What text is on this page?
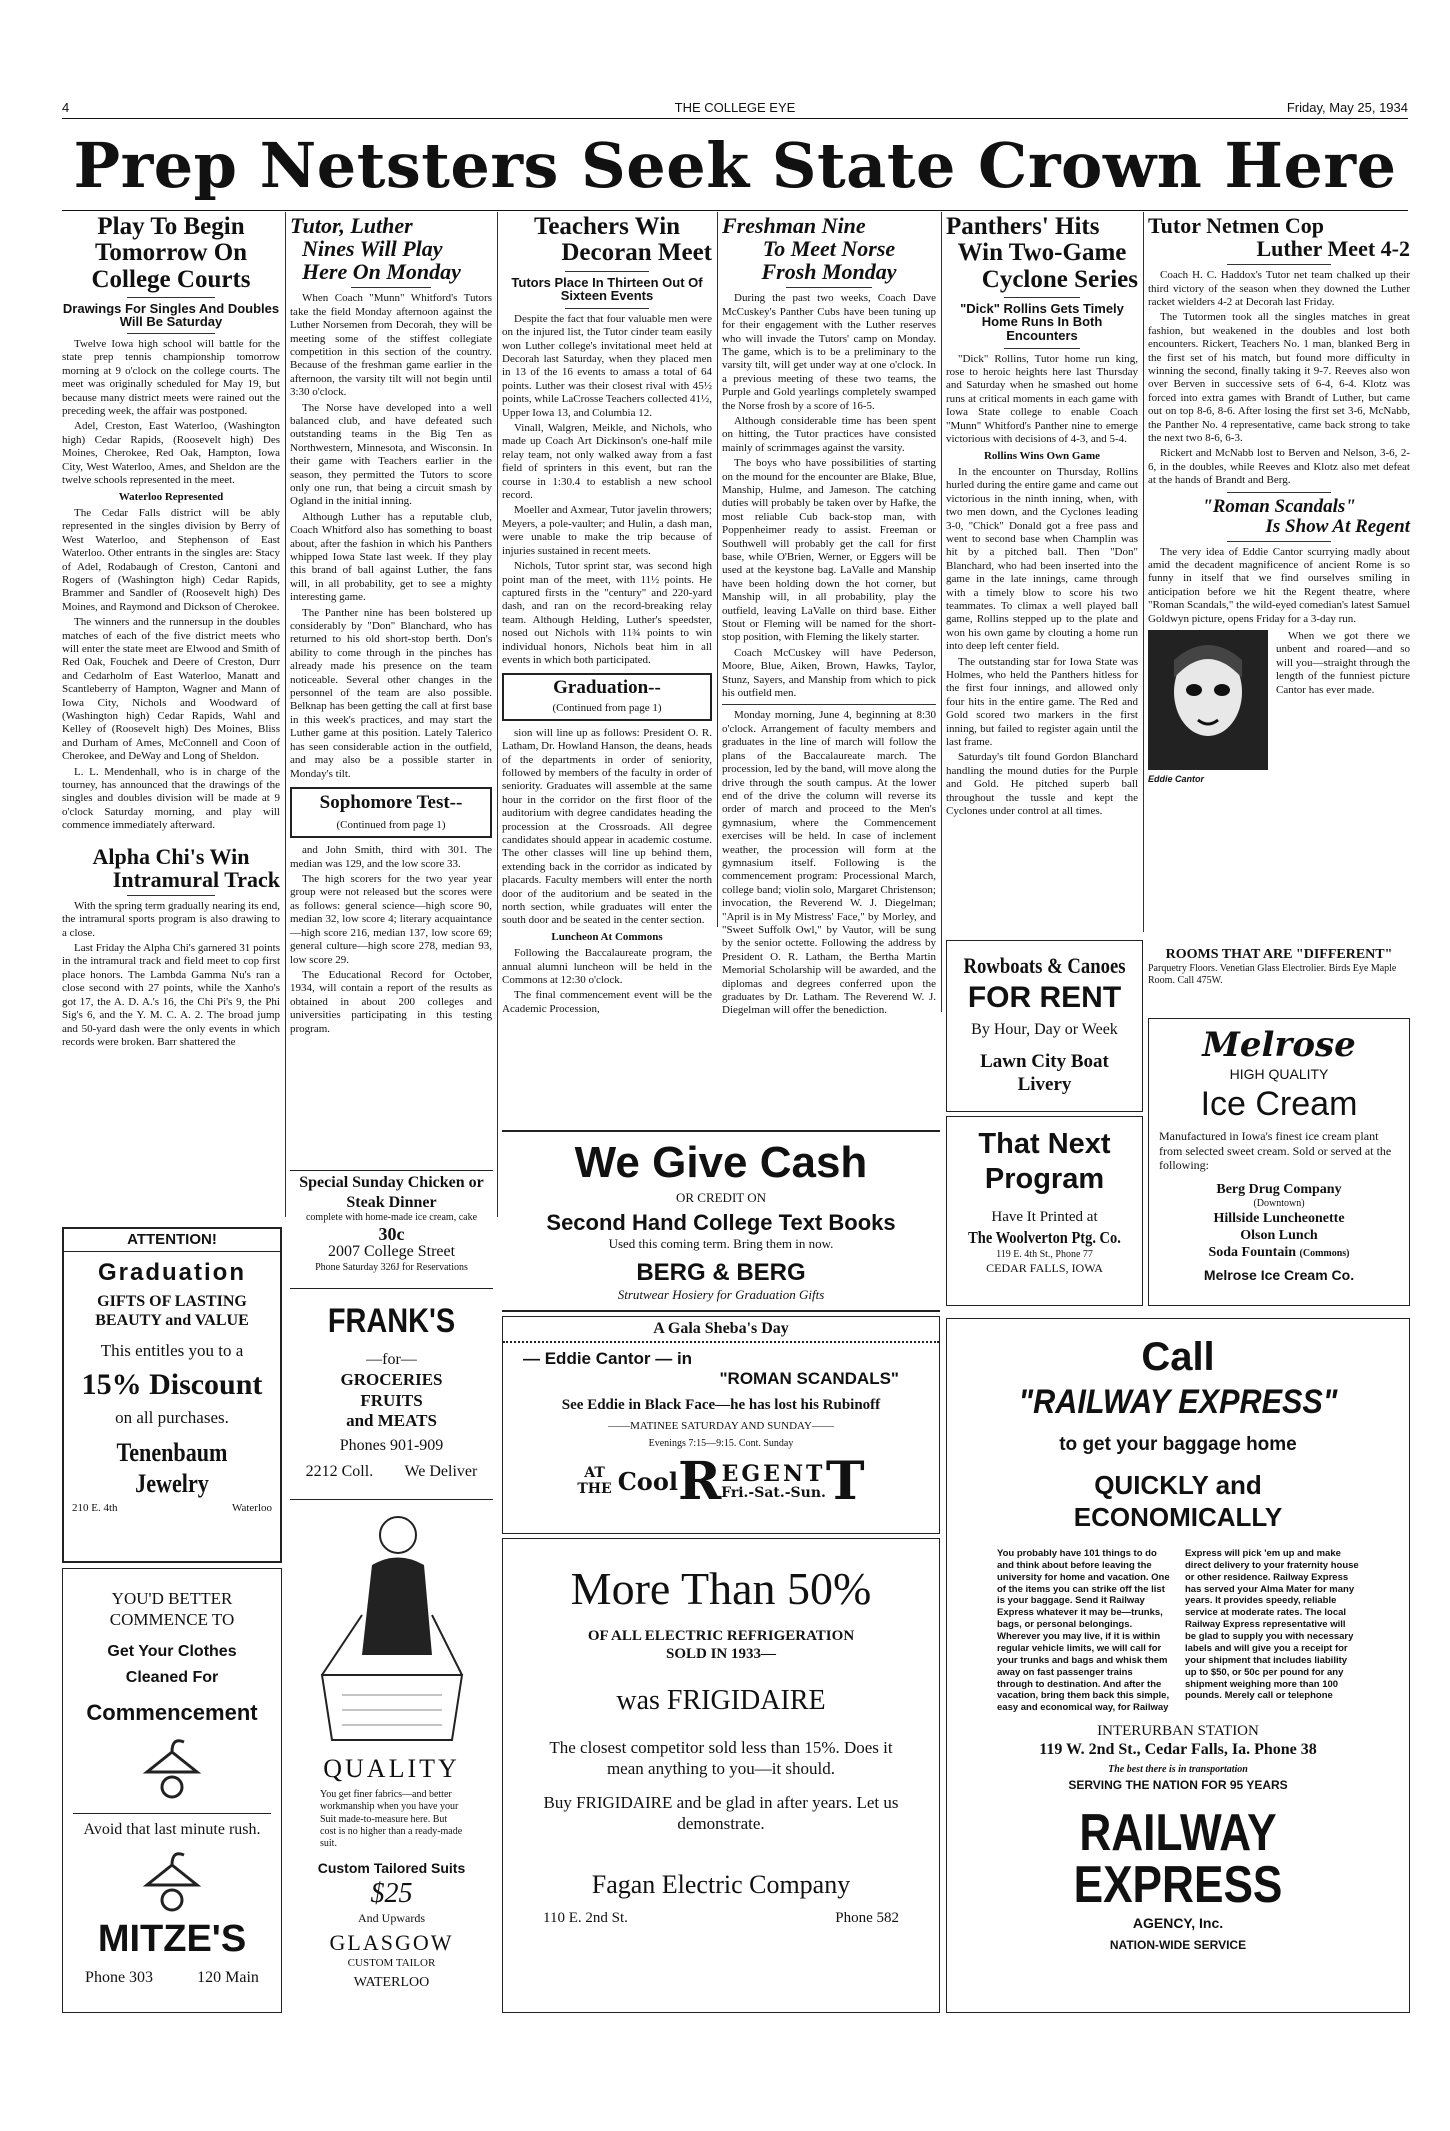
4	THE COLLEGE EYE	Friday, May 25, 1934
Prep Netsters Seek State Crown Here
Play To Begin
Tomorrow On
College Courts
Drawings For Singles And Doubles Will Be Saturday

Twelve Iowa high school will battle for the state prep tennis championship tomorrow morning at 9 o'clock on the college courts. The meet was originally scheduled for May 19, but because many district meets were rained out the preceding week, the affair was postponed.

Adel, Creston, East Waterloo, (Washington high) Cedar Rapids, (Roosevelt high) Des Moines, Cherokee, Red Oak, Hampton, Iowa City, West Waterloo, Ames, and Sheldon are the twelve schools represented in the meet.

Waterloo Represented

The Cedar Falls district will be ably represented in the singles division by Berry of West Waterloo, and Stephenson of East Waterloo. Other entrants in the singles are: Stacy of Adel, Rodabaugh of Creston, Cantoni and Rogers of (Washington high) Cedar Rapids, Brammer and Sandler of (Roosevelt high) Des Moines, and Raymond and Dickson of Cherokee.

The winners and the runnersup in the doubles matches of each of the five district meets who will enter the state meet are Elwood and Smith of Red Oak, Fouchek and Deere of Creston, Durr and Cedarholm of East Waterloo, Manatt and Scantleberry of Hampton, Wagner and Mann of Iowa City, Nichols and Woodward of (Washington high) Cedar Rapids, Wahl and Kelley of (Roosevelt high) Des Moines, Bliss and Durham of Ames, McConnell and Coon of Cherokee, and DeWay and Long of Sheldon.

L. L. Mendenhall, who is in charge of the tourney, has announced that the drawings of the singles and doubles division will be made at 9 o'clock Saturday morning, and play will commence immediately afterward.

Alpha Chi's Win
Intramural Track

With the spring term gradually nearing its end, the intramural sports program is also drawing to a close.

Last Friday the Alpha Chi's garnered 31 points in the intramural track and field meet to cop first place honors. The Lambda Gamma Nu's ran a close second with 27 points, while the Xanho's got 17, the A. D. A.'s 16, the Chi Pi's 9, the Phi Sig's 6, and the Y. M. C. A. 2. The broad jump and 50-yard dash were the only events in which records were broken. Barr shattered the

Tutor, Luther
Nines Will Play
Here On Monday

When Coach "Munn" Whitford's Tutors take the field Monday afternoon against the Luther Norsemen from Decorah, they will be meeting some of the stiffest collegiate competition in this section of the country. Because of the freshman game earlier in the afternoon, the varsity tilt will not begin until 3:30 o'clock.

The Norse have developed into a well balanced club, and have defeated such outstanding teams in the Big Ten as Northwestern, Minnesota, and Wisconsin. In their game with Teachers earlier in the season, they permitted the Tutors to score only one run, that being a circuit smash by Ogland in the initial inning.

Although Luther has a reputable club, Coach Whitford also has something to boast about, after the fashion in which his Panthers whipped Iowa State last week. If they play this brand of ball against Luther, the fans will, in all probability, get to see a mighty interesting game.

The Panther nine has been bolstered up considerably by "Don" Blanchard, who has returned to his old short-stop berth. Don's ability to come through in the pinches has already made his presence on the team noticeable. Several other changes in the personnel of the team are also possible. Belknap has been getting the call at first base in this week's practices, and may start the Luther game at this position. Lately Talerico has seen considerable action in the outfield, and may also be a possible starter in Monday's tilt.

Sophomore Test--
(Continued from page 1)

and John Smith, third with 301. The median was 129, and the low score 33.

The high scorers for the two year year group were not released but the scores were as follows: general science—high score 90, median 32, low score 4; literary acquaintance—high score 216, median 137, low score 69; general culture—high score 278, median 93, low score 29.

The Educational Record for October, 1934, will contain a report of the results as obtained in about 200 colleges and universities participating in this testing program.

Teachers Win
Decoran Meet
Tutors Place In Thirteen Out Of Sixteen Events

Despite the fact that four valuable men were on the injured list, the Tutor cinder team easily won Luther college's invitational meet held at Decorah last Saturday, when they placed men in 13 of the 16 events to amass a total of 64 points. Luther was their closest rival with 45½ points, while LaCrosse Teachers collected 41½, Upper Iowa 13, and Columbia 12.

Vinall, Walgren, Meikle, and Nichols, who made up Coach Art Dickinson's one-half mile relay team, not only walked away from a fast field of sprinters in this event, but ran the course in 1:30.4 to establish a new school record.

Moeller and Axmear, Tutor javelin throwers; Meyers, a pole-vaulter; and Hulin, a dash man, were unable to make the trip because of injuries sustained in recent meets.

Nichols, Tutor sprint star, was second high point man of the meet, with 11½ points. He captured firsts in the "century" and 220-yard dash, and ran on the record-breaking relay team. Although Helding, Luther's speedster, nosed out Nichols with 11¾ points to win individual honors, Nichols beat him in all events in which both participated.

Graduation--
(Continued from page 1)

sion will line up as follows: President O. R. Latham, Dr. Howland Hanson, the deans, heads of the departments in order of seniority, followed by members of the faculty in order of seniority. Graduates will assemble at the same hour in the corridor on the first floor of the auditorium with degree candidates heading the procession at the Crossroads. All degree candidates should appear in academic costume. The other classes will line up behind them, extending back in the corridor as indicated by placards. Faculty members will enter the north door of the auditorium and be seated in the north section, while graduates will enter the south door and be seated in the center section.

Luncheon At Commons

Following the Baccalaureate program, the annual alumni luncheon will be held in the Commons at 12:30 o'clock.

The final commencement event will be the Academic Procession,

Freshman Nine
To Meet Norse
Frosh Monday

During the past two weeks, Coach Dave McCuskey's Panther Cubs have been tuning up for their engagement with the Luther reserves who will invade the Tutors' camp on Monday. The game, which is to be a preliminary to the varsity tilt, will get under way at one o'clock. In a previous meeting of these two teams, the Purple and Gold yearlings completely swamped the Norse frosh by a score of 16-5.

Although considerable time has been spent on hitting, the Tutor practices have consisted mainly of scrimmages against the varsity.

The boys who have possibilities of starting on the mound for the encounter are Blake, Blue, Manship, Hulme, and Jameson. The catching duties will probably be taken over by Hafke, the most reliable Cub back-stop man, with Poppenheimer ready to assist. Freeman or Southwell will probably get the call for first base, while O'Brien, Werner, or Eggers will be used at the keystone bag. LaValle and Manship have been holding down the hot corner, but Manship will, in all probability, play the outfield, leaving LaValle on third base. Either Stout or Fleming will be named for the short-stop position, with Fleming the likely starter.

Coach McCuskey will have Pederson, Moore, Blue, Aiken, Brown, Hawks, Taylor, Stunz, Sayers, and Manship from which to pick his outfield men.

Monday morning, June 4, beginning at 8:30 o'clock. Arrangement of faculty members and graduates in the line of march will follow the plans of the Baccalaureate march. The procession, led by the band, will move along the drive through the south campus. At the lower end of the drive the column will reverse its order of march and proceed to the Men's gymnasium, where the Commencement exercises will be held. In case of inclement weather, the procession will form at the gymnasium itself. Following is the commencement program: Processional March, college band; violin solo, Margaret Christenson; invocation, the Reverend W. J. Diegelman; "April is in My Mistress' Face," by Morley, and "Sweet Suffolk Owl," by Vautor, will be sung by the senior octette. Following the address by President O. R. Latham, the Bertha Martin Memorial Scholarship will be awarded, and the diplomas and degrees conferred upon the graduates by Dr. Latham. The Reverend W. J. Diegelman will offer the benediction.

Panthers' Hits
Win Two-Game
Cyclone Series
"Dick" Rollins Gets Timely Home Runs In Both Encounters

"Dick" Rollins, Tutor home run king, rose to heroic heights here last Thursday and Saturday when he smashed out home runs at critical moments in each game with Iowa State college to enable Coach "Munn" Whitford's Panther nine to emerge victorious with decisions of 4-3, and 5-4.

Rollins Wins Own Game

In the encounter on Thursday, Rollins hurled during the entire game and came out victorious in the ninth inning, when, with two men down, and the Cyclones leading 3-0, "Chick" Donald got a free pass and went to second base when Champlin was hit by a pitched ball. Then "Don" Blanchard, who had been inserted into the game in the late innings, came through with a timely blow to score his two teammates. To climax a well played ball game, Rollins stepped up to the plate and won his own game by clouting a home run into deep left center field.

The outstanding star for Iowa State was Holmes, who held the Panthers hitless for the first four innings, and allowed only four hits in the entire game. The Red and Gold scored two markers in the first inning, but failed to register again until the last frame.

Saturday's tilt found Gordon Blanchard handling the mound duties for the Purple and Gold. He pitched superb ball throughout the tussle and kept the Cyclones under control at all times.

Tutor Netmen Cop
Luther Meet 4-2

Coach H. C. Haddox's Tutor net team chalked up their third victory of the season when they downed the Luther racket wielders 4-2 at Decorah last Friday.

The Tutormen took all the singles matches in great fashion, but weakened in the doubles and lost both encounters. Rickert, Teachers No. 1 man, blanked Berg in the first set of his match, but found more difficulty in winning the second, finally taking it 9-7. Reeves also won over Berven in successive sets of 6-4, 6-4. Klotz was forced into extra games with Brandt of Luther, but came out on top 8-6, 8-6. After losing the first set 3-6, McNabb, the Panther No. 4 representative, came back strong to take the next two 8-6, 6-3.

Rickert and McNabb lost to Berven and Nelson, 3-6, 2-6, in the doubles, while Reeves and Klotz also met defeat at the hands of Brandt and Berg.

"Roman Scandals"
Is Show At Regent

The very idea of Eddie Cantor scurrying madly about amid the decadent magnificence of ancient Rome is so funny in itself that we find ourselves smiling in anticipation before we hit the Regent theatre, where "Roman Scandals," the wild-eyed comedian's latest Samuel Goldwyn picture, opens Friday for a 3-day run.

Eddie Cantor

When we got there we unbent and roared—and so will you—straight through the length of the funniest picture Cantor has ever made.

ATTENTION!
Graduation
GIFTS OF LASTING BEAUTY and VALUE
This entitles you to a
15% Discount
on all purchases.
Tenenbaum Jewelry
210 E. 4th	Waterloo
YOU'D BETTER
COMMENCE TO
Get Your Clothes
Cleaned For
Commencement
Avoid that last minute rush.
MITZE'S
Phone 303	120 Main
Special Sunday Chicken or Steak Dinner
complete with home-made ice cream, cake
30c
2007 College Street
Phone Saturday 326J for Reservations
FRANK'S
—for—
GROCERIES
FRUITS
and MEATS
Phones 901-909
2212 Coll. We Deliver
QUALITY
You get finer fabrics—and better workmanship when you have your Suit made-to-measure here. But cost is no higher than a ready-made suit.
Custom Tailored Suits
$25
And Upwards
GLASGOW
CUSTOM TAILOR
WATERLOO
We Give Cash
OR CREDIT ON
Second Hand College Text Books
Used this coming term. Bring them in now.
BERG & BERG
Strutwear Hosiery for Graduation Gifts
A Gala Sheba's Day
— Eddie Cantor — in
"ROMAN SCANDALS"
See Eddie in Black Face—he has lost his Rubinoff
——MATINEE SATURDAY AND SUNDAY——
Evenings 7:15—9:15. Cont. Sunday
AT
THE Cool R EGENT
Fri.-Sat.-Sun. T
More Than 50%
OF ALL ELECTRIC REFRIGERATION
SOLD IN 1933—
was FRIGIDAIRE
The closest competitor sold less than 15%. Does it mean anything to you—it should.
Buy FRIGIDAIRE and be glad in after years. Let us demonstrate.
Fagan Electric Company
110 E. 2nd St.	Phone 582
Rowboats & Canoes
FOR RENT
By Hour, Day or Week
Lawn City Boat
Livery
That Next
Program
Have It Printed at
The Woolverton Ptg. Co.
119 E. 4th St., Phone 77
CEDAR FALLS, IOWA
ROOMS THAT ARE "DIFFERENT"
Parquetry Floors. Venetian Glass Electrolier. Birds Eye Maple Room. Call 475W.
Melrose
HIGH QUALITY
Ice Cream
Manufactured in Iowa's finest ice cream plant from selected sweet cream. Sold or served at the following:
Berg Drug Company
(Downtown)
Hillside Luncheonette
Olson Lunch
Soda Fountain (Commons)
Melrose Ice Cream Co.
Call
"RAILWAY EXPRESS"
to get your baggage home
QUICKLY and
ECONOMICALLY
You probably have 101 things to do and think about before leaving the university for home and vacation. One of the items you can strike off the list is your baggage. Send it Railway Express whatever it may be—trunks, bags, or personal belongings. Wherever you may live, if it is within regular vehicle limits, we will call for your trunks and bags and whisk them away on fast passenger trains through to destination. And after the vacation, bring them back this simple, easy and economical way, for Railway
Express will pick 'em up and make direct delivery to your fraternity house or other residence. Railway Express has served your Alma Mater for many years. It provides speedy, reliable service at moderate rates. The local Railway Express representative will be glad to supply you with necessary labels and will give you a receipt for your shipment that includes liability up to $50, or 50c per pound for any shipment weighing more than 100 pounds. Merely call or telephone
INTERURBAN STATION
119 W. 2nd St., Cedar Falls, Ia. Phone 38
The best there is in transportation
SERVING THE NATION FOR 95 YEARS
RAILWAY
EXPRESS
AGENCY, Inc.
NATION-WIDE SERVICE
